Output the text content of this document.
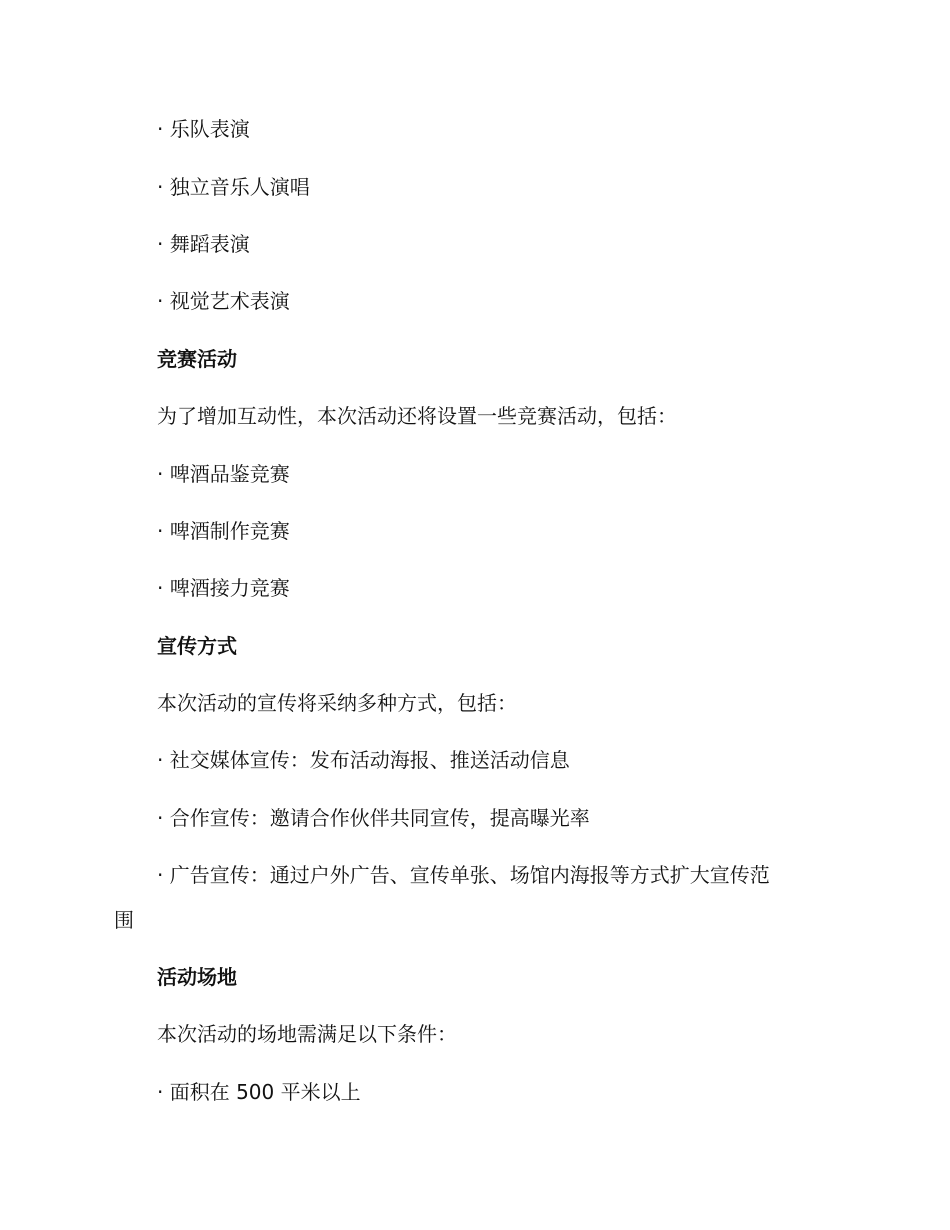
· 乐队表演
· 独立音乐人演唱
· 舞蹈表演
· 视觉艺术表演
竞赛活动
为了增加互动性，本次活动还将设置一些竞赛活动，包括：
· 啤酒品鉴竞赛
· 啤酒制作竞赛
· 啤酒接力竞赛
宣传方式
本次活动的宣传将采纳多种方式，包括：
· 社交媒体宣传：发布活动海报、推送活动信息
· 合作宣传：邀请合作伙伴共同宣传，提高曝光率
· 广告宣传：通过户外广告、宣传单张、场馆内海报等方式扩大宣传范
围
活动场地
本次活动的场地需满足以下条件：
· 面积在 500 平米以上
